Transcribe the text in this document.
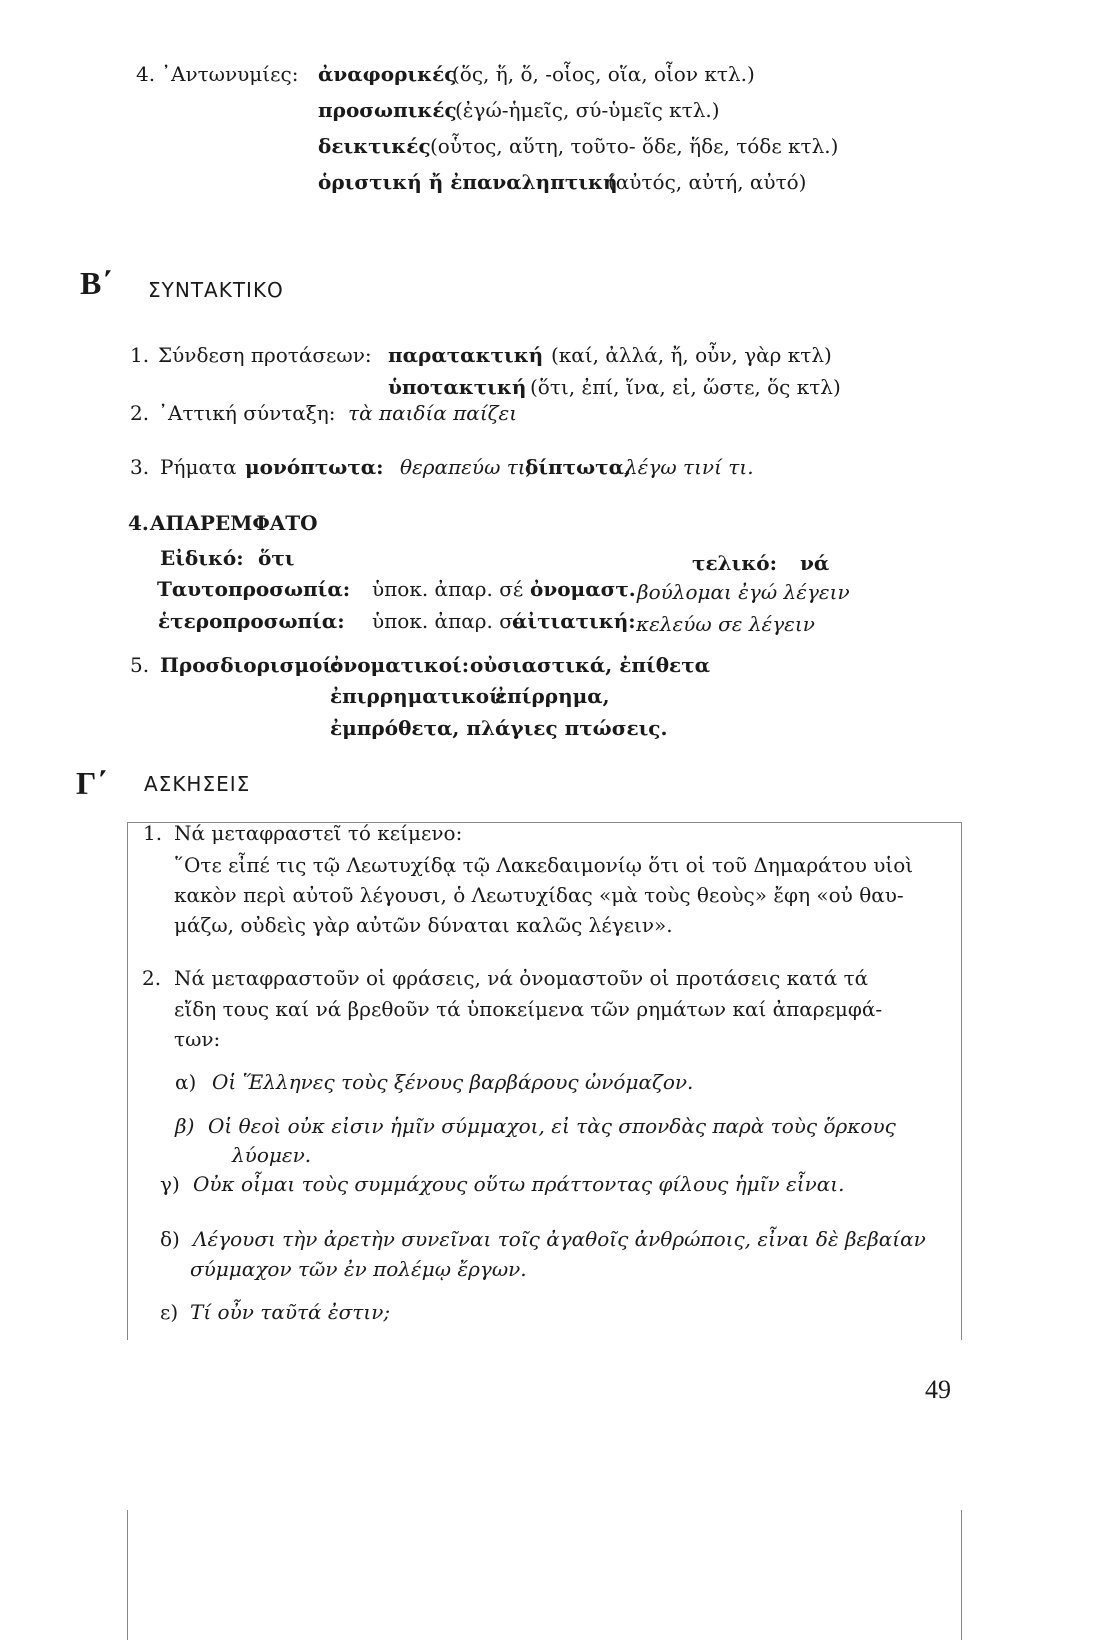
4. ᾿Αντωνυμίες: ἀναφορικές
(ὅς, ἥ, ὅ, -οἷος, οἵα, οἷον κτλ.)
προσωπικές
(ἐγώ-ἡμεῖς, σύ-ὑμεῖς κτλ.)
δεικτικές (οὗτος, αὕτη, τοῦτο- ὅδε, ἥδε, τόδε κτλ.)
ὁριστική ἤ ἐπαναληπτική
(αὐτός, αὐτή, αὐτό)
Β΄ ΣΥΝΤΑΚΤΙΚΟ
1. Σύνδεση προτάσεων: παρατακτική (καί, ἀλλά, ἤ, οὖν, γὰρ κτλ)
ὑποτακτική (ὅτι, ἐπί, ἵνα, εἰ, ὥστε, ὅς κτλ)
2. ᾿Αττική σύνταξη: τὰ παιδία παίζει
3. Ρήματα μονόπτωτα: θεραπεύω τι,
δίπτωτα,
λέγω τινί τι.
4. ΑΠΑΡΕΜΦΑΤΟ
Εἰδικό: ὅτι	τελικό: νά
Ταυτοπροσωπία: ὑποκ. ἀπαρ. σέ ὀνομαστ. βούλομαι ἐγώ λέγειν
ἑτεροπροσωπία: ὑποκ. ἀπαρ. σέ
αἰτιατική: κελεύω σε λέγειν
5. Προσδιορισμοί:
ὀνοματικοί: οὐσιαστικά, ἐπίθετα
ἐπιρρηματικοί:
ἐπίρρημα,
ἐμπρόθετα, πλάγιες πτώσεις.
Γ΄ ΑΣΚΗΣΕΙΣ
1. Νά μεταφραστεῖ τό κείμενο:
῞Οτε εἶπέ τις τῷ Λεωτυχίδᾳ τῷ Λακεδαιμονίῳ ὅτι οἱ τοῦ Δημαράτου υἱοὶ
κακὸν περὶ αὐτοῦ λέγουσι, ὁ Λεωτυχίδας «μὰ τοὺς θεοὺς» ἔφη «οὐ θαυ-
μάζω, οὐδεὶς γὰρ αὐτῶν δύναται καλῶς λέγειν».
2. Νά μεταφραστοῦν οἱ φράσεις, νά ὀνομαστοῦν οἱ προτάσεις κατά τά
εἴδη τους καί νά βρεθοῦν τά ὑποκείμενα τῶν ρημάτων καί ἀπαρεμφά-
των:
α) Οἱ Ἕλληνες τοὺς ξένους βαρβάρους ὠνόμαζον.
β) Οἱ θεοὶ οὐκ εἰσιν ἡμῖν σύμμαχοι, εἰ τὰς σπονδὰς παρὰ τοὺς ὅρκους
λύομεν.
γ) Οὐκ οἶμαι τοὺς συμμάχους οὕτω πράττοντας φίλους ἡμῖν εἶναι.
δ) Λέγουσι τὴν ἀρετὴν συνεῖναι τοῖς ἀγαθοῖς ἀνθρώποις, εἶναι δὲ βεβαίαν
σύμμαχον τῶν ἐν πολέμῳ ἔργων.
ε) Τί οὖν ταῦτά ἐστιν;
49
